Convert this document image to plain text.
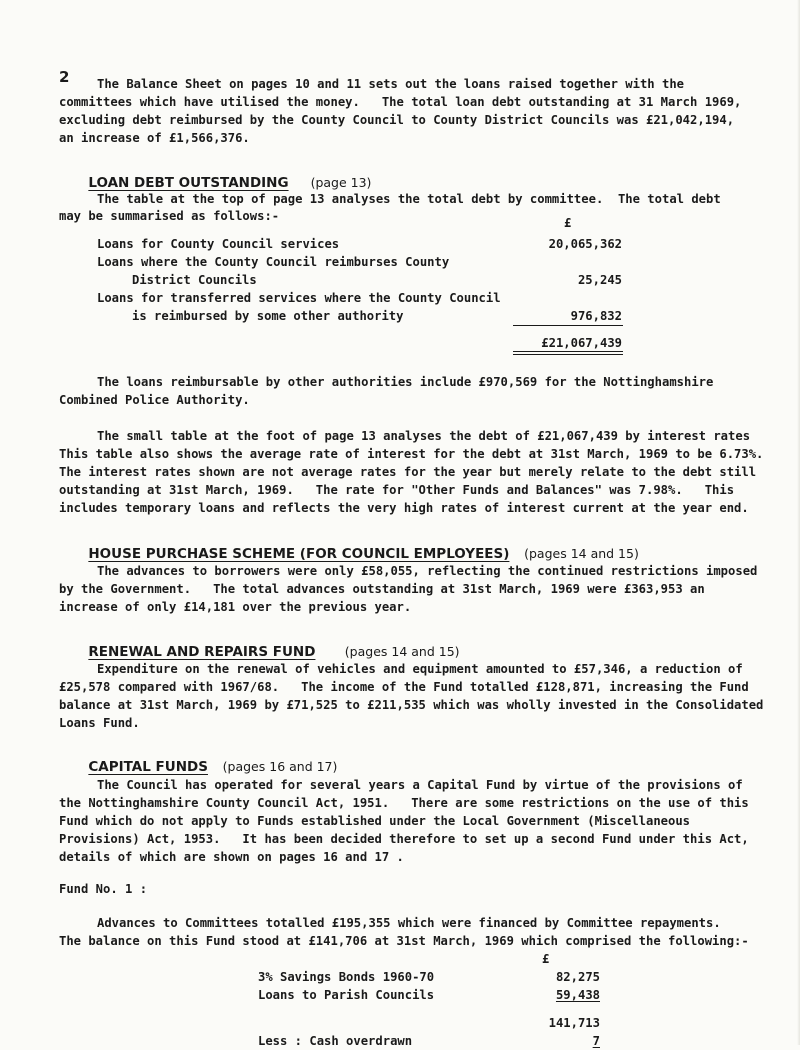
2 The Balance Sheet on pages 10 and 11 sets out the loans raised together with the
committees which have utilised the money.   The total loan debt outstanding at 31 March 1969,
excluding debt reimbursed by the County Council to County District Councils was £21,042,194,
an increase of £1,566,376.

LOAN DEBT OUTSTANDING (page 13)

The table at the top of page 13 analyses the total debt by committee.  The total debt
may be summarised as follows:-	£
Loans for County Council services	20,065,362
Loans where the County Council reimburses County
District Councils	25,245
Loans for transferred services where the County Council
is reimbursed by some other authority	976,832
£21,067,439
The loans reimbursable by other authorities include £970,569 for the Nottinghamshire
Combined Police Authority.
The small table at the foot of page 13 analyses the debt of £21,067,439 by interest rates
This table also shows the average rate of interest for the debt at 31st March, 1969 to be 6.73%.
The interest rates shown are not average rates for the year but merely relate to the debt still
outstanding at 31st March, 1969.   The rate for "Other Funds and Balances" was 7.98%.   This
includes temporary loans and reflects the very high rates of interest current at the year end.

HOUSE PURCHASE SCHEME (FOR COUNCIL EMPLOYEES) (pages 14 and 15)

The advances to borrowers were only £58,055, reflecting the continued restrictions imposed
by the Government.   The total advances outstanding at 31st March, 1969 were £363,953 an
increase of only £14,181 over the previous year.

RENEWAL AND REPAIRS FUND (pages 14 and 15)

Expenditure on the renewal of vehicles and equipment amounted to £57,346, a reduction of
£25,578 compared with 1967/68.   The income of the Fund totalled £128,871, increasing the Fund
balance at 31st March, 1969 by £71,525 to £211,535 which was wholly invested in the Consolidated
Loans Fund.

CAPITAL FUNDS (pages 16 and 17)

The Council has operated for several years a Capital Fund by virtue of the provisions of
the Nottinghamshire County Council Act, 1951.   There are some restrictions on the use of this
Fund which do not apply to Funds established under the Local Government (Miscellaneous
Provisions) Act, 1953.   It has been decided therefore to set up a second Fund under this Act,
details of which are shown on pages 16 and 17 .
Fund No. 1 :
Advances to Committees totalled £195,355 which were financed by Committee repayments.
The balance on this Fund stood at £141,706 at 31st March, 1969 which comprised the following:-
£
3% Savings Bonds 1960-70	82,275
Loans to Parish Councils	59,438
141,713
Less : Cash overdrawn	7
